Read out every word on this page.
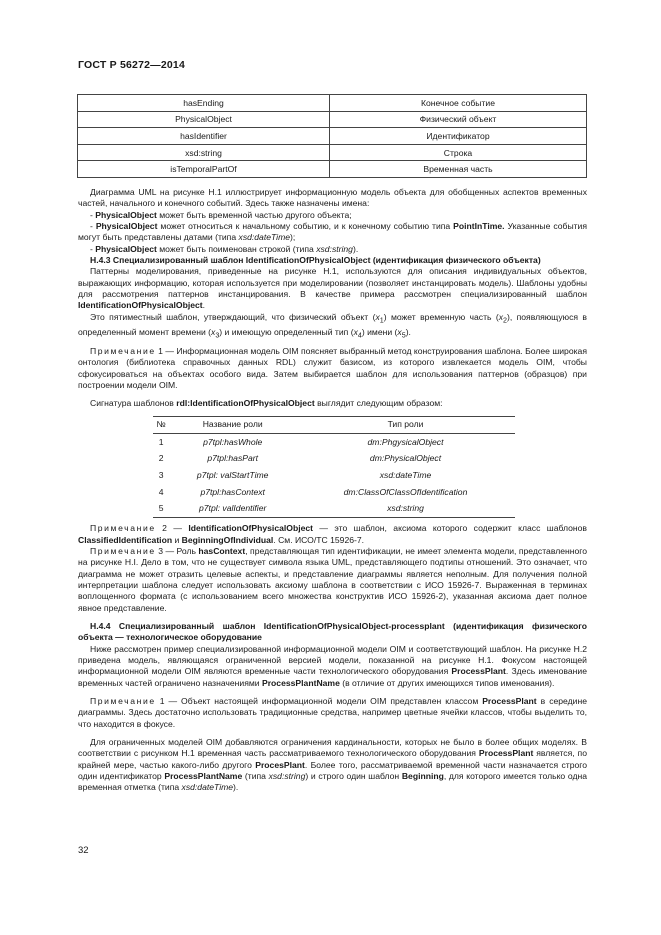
ГОСТ Р 56272—2014
hasEnding	Конечное событие
PhysicalObject	Физический объект
hasIdentifier	Идентификатор
xsd:string	Строка
isTemporalPartOf	Временная часть

Диаграмма UML на рисунке Н.1 иллюстрирует информационную модель объекта для обобщенных аспектов временных частей, начального и конечного событий. Здесь также назначены имена:

- PhysicalObject может быть временной частью другого объекта;

- PhysicalObject может относиться к начальному событию, и к конечному событию типа PointInTime. Указанные события могут быть представлены датами (типа xsd:dateTime);

- PhysicalObject может быть поименован строкой (типа xsd:string).

Н.4.3 Специализированный шаблон IdentificationOfPhysicalObject (идентификация физического объекта)

Паттерны моделирования, приведенные на рисунке Н.1, используются для описания индивидуальных объектов, выражающих информацию, которая используется при моделировании (позволяет инстанцировать модель). Шаблоны удобны для рассмотрения паттернов инстанцирования. В качестве примера рассмотрен специализированный шаблон IdentificationOfPhysicalObject.

Это пятиместный шаблон, утверждающий, что физический объект $(x_1)$ может временную часть $(x_2)$, появляющуюся в определенный момент времени $(x_3)$ и имеющую определенный тип $(x_4)$ имени $(x_5)$.

Примечание 1 — Информационная модель OIM поясняет выбранный метод конструирования шаблона. Более широкая онтология (библиотека справочных данных RDL) служит базисом, из которого извлекается модель OIM, чтобы сфокусироваться на объектах особого вида. Затем выбирается шаблон для использования паттернов (образцов) при построении модели OIM.

Сигнатура шаблонов rdl:IdentificationOfPhysicalObject выглядит следующим образом:

№	Название роли	Тип роли
1	p7tpl:hasWhole	dm:PhgysicalObject
2	p7tpl:hasPart	dm:PhysicalObject
3	p7tpl: valStartTime	xsd:dateTime
4	p7tpl:hasContext	dm:ClassOfClassOfIdentification
5	p7tpl: valIdentifier	xsd:string

Примечание 2 — IdentificationOfPhysicalObject — это шаблон, аксиома которого содержит класс шаблонов ClassifiedIdentification и BeginningOfIndividual. См. ИСО/ТС 15926-7.

Примечание 3 — Роль hasContext, представляющая тип идентификации, не имеет элемента модели, представленного на рисунке Н.І. Дело в том, что не существует символа языка UML, представляющего подтипы отношений. Это означает, что диаграмма не может отразить целевые аспекты, и представление диаграммы является неполным. Для получения полной интерпретации шаблона следует использовать аксиому шаблона в соответствии с ИСО 15926-7. Выраженная в терминах воплощенного формата (с использованием всего множества конструктив ИСО 15926-2), указанная аксиома дает полное явное представление.

Н.4.4 Специализированный шаблон IdentificationOfPhysicalObject-processplant (идентификация физического объекта — технологическое оборудование

Ниже рассмотрен пример специализированной информационной модели OIM и соответствующий шаблон. На рисунке Н.2 приведена модель, являющаяся ограниченной версией модели, показанной на рисунке Н.1. Фокусом настоящей информационной модели OIM являются временные части технологического оборудования ProcessPlant. Здесь именование временных частей ограничено назначениями ProcessPlantName (в отличие от других имеющихся типов именования).

Примечание 1 — Объект настоящей информационной модели OIM представлен классом ProcessPlant в середине диаграммы. Здесь достаточно использовать традиционные средства, например цветные ячейки классов, чтобы выделить то, что находится в фокусе.

Для ограниченных моделей OIM добавляются ограничения кардинальности, которых не было в более общих моделях. В соответствии с рисунком Н.1 временная часть рассматриваемого технологического оборудования ProcessPlant является, по крайней мере, частью какого-либо другого ProcesPlant. Более того, рассматриваемой временной части назначается строго один идентификатор ProcessPlantName (типа xsd:string) и строго один шаблон Beginning, для которого имеется только одна временная отметка (типа xsd:dateTime).

32
